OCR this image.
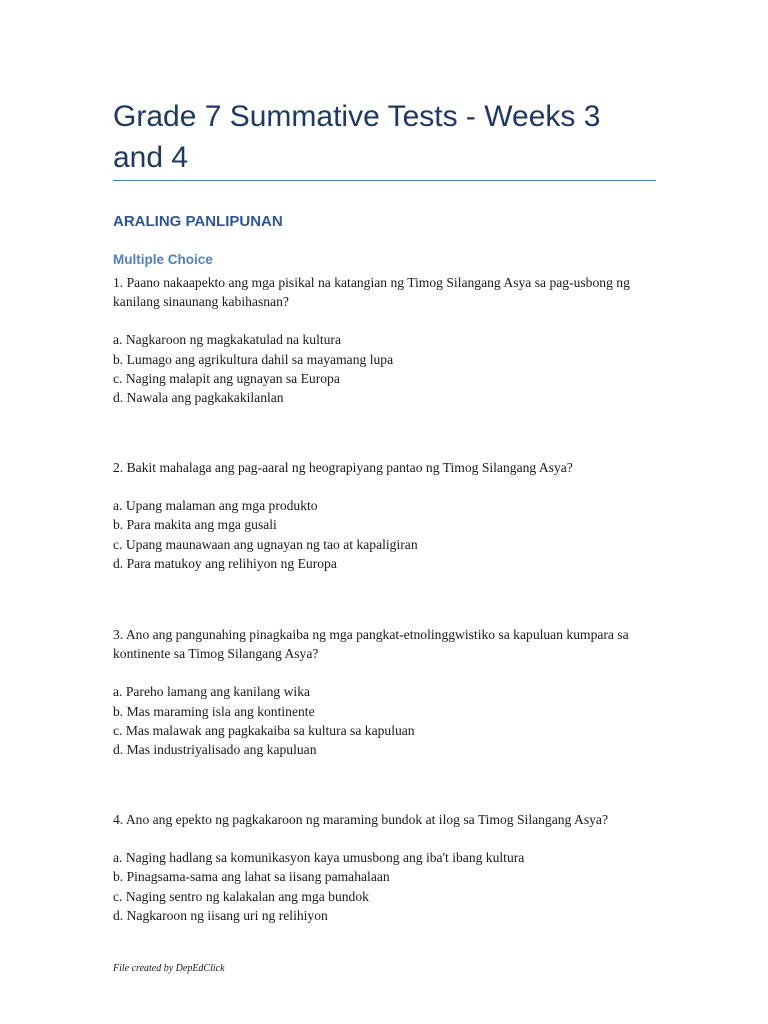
Grade 7 Summative Tests - Weeks 3 and 4
ARALING PANLIPUNAN
Multiple Choice

1. Paano nakaapekto ang mga pisikal na katangian ng Timog Silangang Asya sa pag-usbong ng kanilang sinaunang kabihasnan?

a. Nagkaroon ng magkakatulad na kultura
b. Lumago ang agrikultura dahil sa mayamang lupa
c. Naging malapit ang ugnayan sa Europa
d. Nawala ang pagkakakilanlan

2. Bakit mahalaga ang pag-aaral ng heograpiyang pantao ng Timog Silangang Asya?

a. Upang malaman ang mga produkto
b. Para makita ang mga gusali
c. Upang maunawaan ang ugnayan ng tao at kapaligiran
d. Para matukoy ang relihiyon ng Europa

3. Ano ang pangunahing pinagkaiba ng mga pangkat-etnolinggwistiko sa kapuluan kumpara sa kontinente sa Timog Silangang Asya?

a. Pareho lamang ang kanilang wika
b. Mas maraming isla ang kontinente
c. Mas malawak ang pagkakaiba sa kultura sa kapuluan
d. Mas industriyalisado ang kapuluan

4. Ano ang epekto ng pagkakaroon ng maraming bundok at ilog sa Timog Silangang Asya?

a. Naging hadlang sa komunikasyon kaya umusbong ang iba't ibang kultura
b. Pinagsama-sama ang lahat sa iisang pamahalaan
c. Naging sentro ng kalakalan ang mga bundok
d. Nagkaroon ng iisang uri ng relihiyon

File created by DepEdClick
